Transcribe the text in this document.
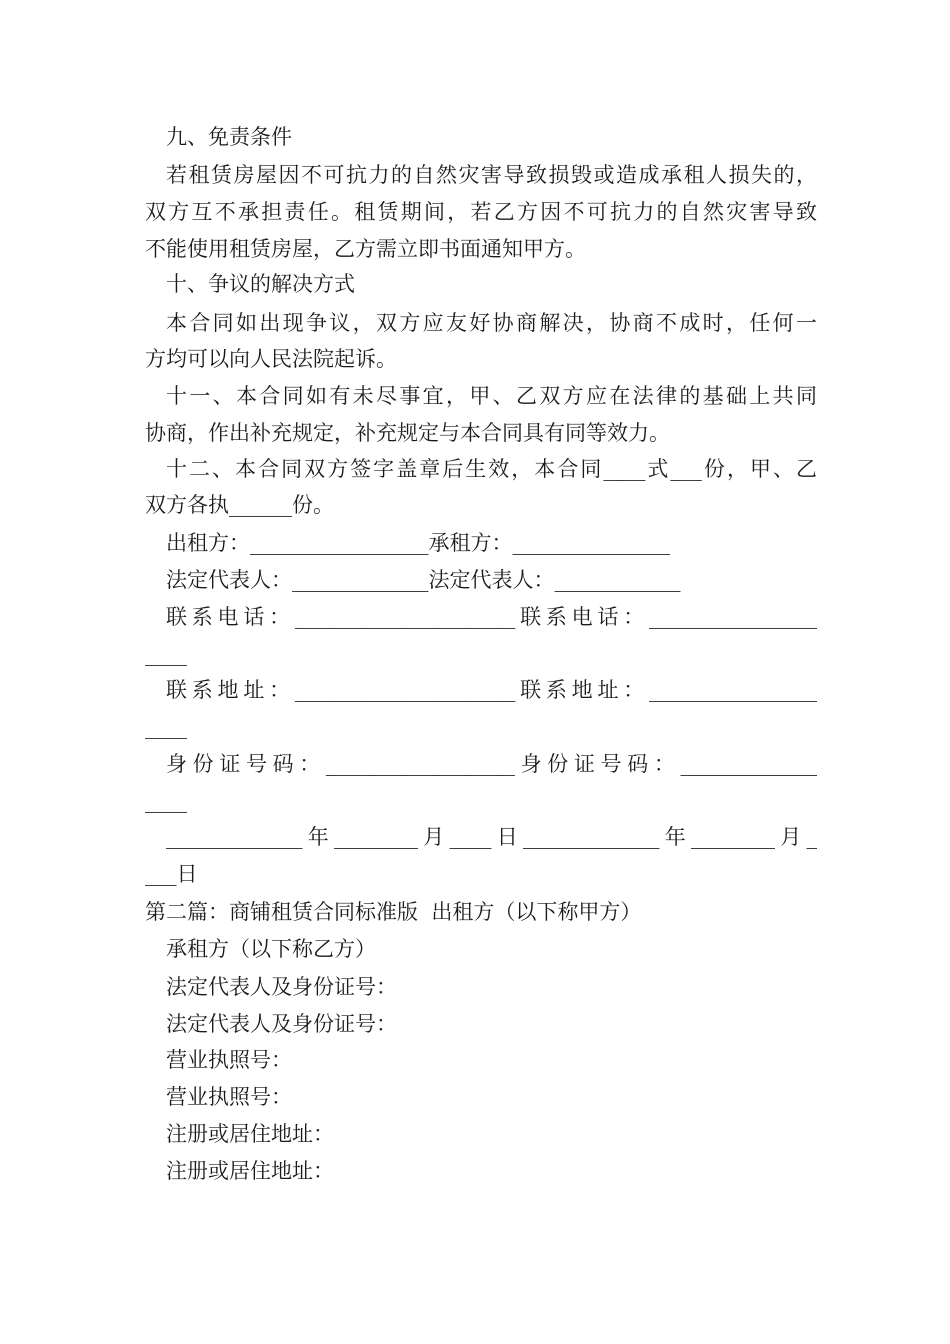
九、免责条件
若租赁房屋因不可抗力的自然灾害导致损毁或造成承租人损失的，
双方互不承担责任。租赁期间，若乙方因不可抗力的自然灾害导致
不能使用租赁房屋，乙方需立即书面通知甲方。
十、争议的解决方式
本合同如出现争议，双方应友好协商解决，协商不成时，任何一
方均可以向人民法院起诉。
十一、本合同如有未尽事宜，甲、乙双方应在法律的基础上共同
协商，作出补充规定，补充规定与本合同具有同等效力。
十二、本合同双方签字盖章后生效，本合同____式___份，甲、乙
双方各执______份。
出租方：_________________承租方：_______________
法定代表人：_____________法定代表人：____________
联系电话：_____________________联系电话：________________
____
联系地址：_____________________联系地址：________________
____
身份证号码：__________________身份证号码：_____________
____
_____________年________月____日_____________年________月_
___日
第二篇：商铺租赁合同标准版  出租方（以下称甲方）
承租方（以下称乙方）
法定代表人及身份证号：
法定代表人及身份证号：
营业执照号：
营业执照号：
注册或居住地址：
注册或居住地址：
